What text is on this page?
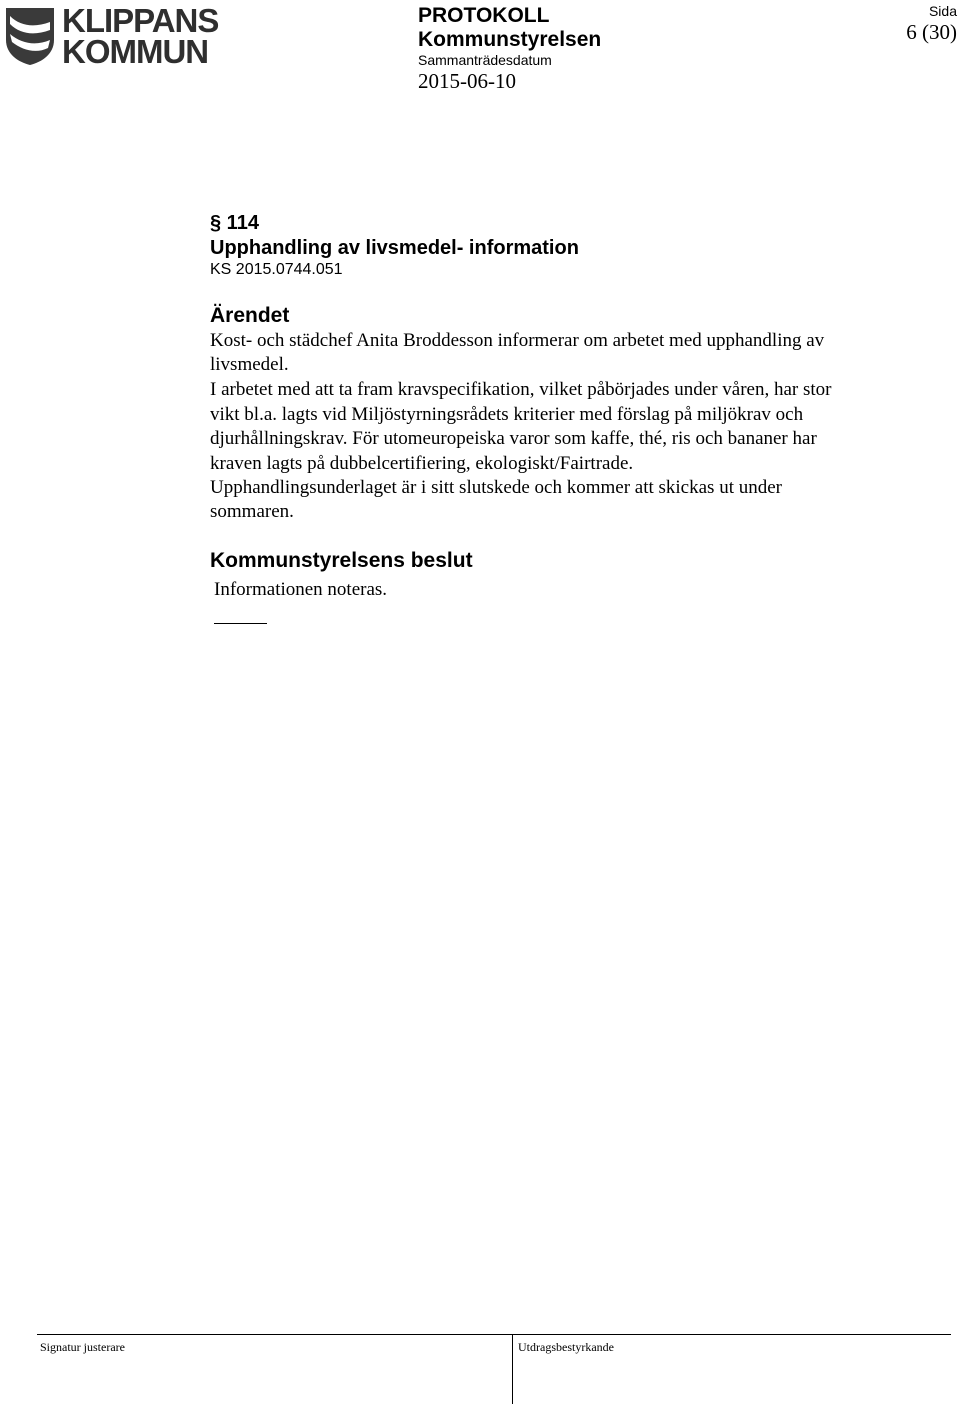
KLIPPANS
KOMMUN
PROTOKOLL
Kommunstyrelsen
Sammanträdesdatum
2015-06-10
Sida
6 (30)
§ 114
Upphandling av livsmedel- information
KS 2015.0744.051
Ärendet
Kost- och städchef Anita Broddesson informerar om arbetet med upphandling av
livsmedel.
I arbetet med att ta fram kravspecifikation, vilket påbörjades under våren, har stor
vikt bl.a. lagts vid Miljöstyrningsrådets kriterier med förslag på miljökrav och
djurhållningskrav. För utomeuropeiska varor som kaffe, thé, ris och bananer har
kraven lagts på dubbelcertifiering, ekologiskt/Fairtrade.
Upphandlingsunderlaget är i sitt slutskede och kommer att skickas ut under
sommaren.
Kommunstyrelsens beslut
Informationen noteras.
Signatur justerare	Utdragsbestyrkande
